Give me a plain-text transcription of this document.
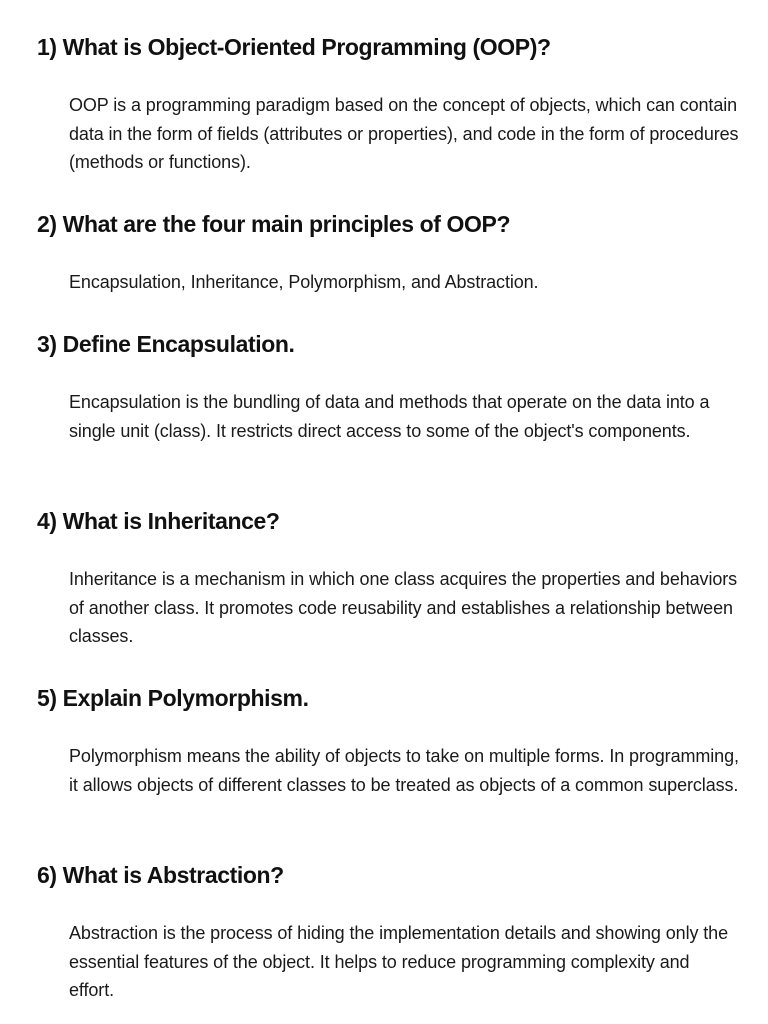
1) What is Object-Oriented Programming (OOP)?

OOP is a programming paradigm based on the concept of objects, which can contain data in the form of fields (attributes or properties), and code in the form of procedures (methods or functions).

2) What are the four main principles of OOP?

Encapsulation, Inheritance, Polymorphism, and Abstraction.

3) Define Encapsulation.

Encapsulation is the bundling of data and methods that operate on the data into a single unit (class). It restricts direct access to some of the object's components.

4) What is Inheritance?

Inheritance is a mechanism in which one class acquires the properties and behaviors of another class. It promotes code reusability and establishes a relationship between classes.

5) Explain Polymorphism.

Polymorphism means the ability of objects to take on multiple forms. In programming, it allows objects of different classes to be treated as objects of a common superclass.

6) What is Abstraction?

Abstraction is the process of hiding the implementation details and showing only the essential features of the object. It helps to reduce programming complexity and effort.
